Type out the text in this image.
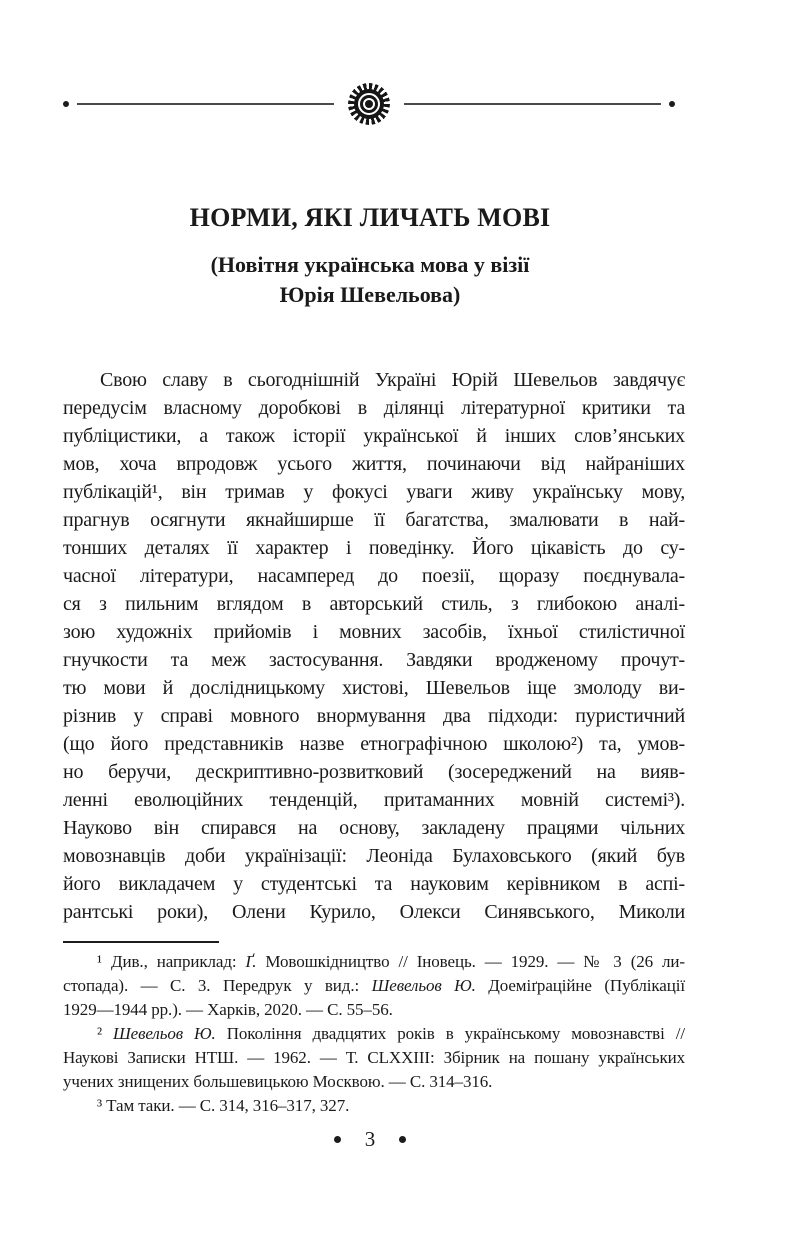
НОРМИ, ЯКІ ЛИЧАТЬ МОВІ
(Новітня українська мова у візії
Юрія Шевельова)
Свою славу в сьогоднішній Україні Юрій Шевельов завдячує
передусім власному доробкові в ділянці літературної критики та
публіцистики, а також історії української й інших слов’янських
мов, хоча впродовж усього життя, починаючи від найраніших
публікацій¹, він тримав у фокусі уваги живу українську мову,
прагнув осягнути якнайширше її багатства, змалювати в най-
тонших деталях її характер і поведінку. Його цікавість до су-
часної літератури, насамперед до поезії, щоразу поєднувала-
ся з пильним вглядом в авторський стиль, з глибокою аналі-
зою художніх прийомів і мовних засобів, їхньої стилістичної
гнучкости та меж застосування. Завдяки вродженому прочут-
тю мови й дослідницькому хистові, Шевельов іще змолоду ви-
різнив у справі мовного внормування два підходи: пуристичний
(що його представників назве етнографічною школою²) та, умов-
но беручи, дескриптивно-розвитковий (зосереджений на вияв-
ленні еволюційних тенденцій, притаманних мовній системі³).
Науково він спирався на основу, закладену працями чільних
мовознавців доби українізації: Леоніда Булаховського (який був
його викладачем у студентські та науковим керівником в аспі-
рантські роки), Олени Курило, Олекси Синявського, Миколи
¹ Див., наприклад: Ґ. Мовошкідництво // Іновець. — 1929. — № 3 (26 ли-
стопада). — С. 3. Передрук у вид.: Шевельов Ю. Доеміґраційне (Публікації
1929—1944 рр.). — Харків, 2020. — С. 55–56.
² Шевельов Ю. Покоління двадцятих років в українському мовознавстві //
Наукові Записки НТШ. — 1962. — Т. CLXXIII: Збірник на пошану українських
учених знищених большевицькою Москвою. — С. 314–316.
³ Там таки. — С. 314, 316–317, 327.
3
